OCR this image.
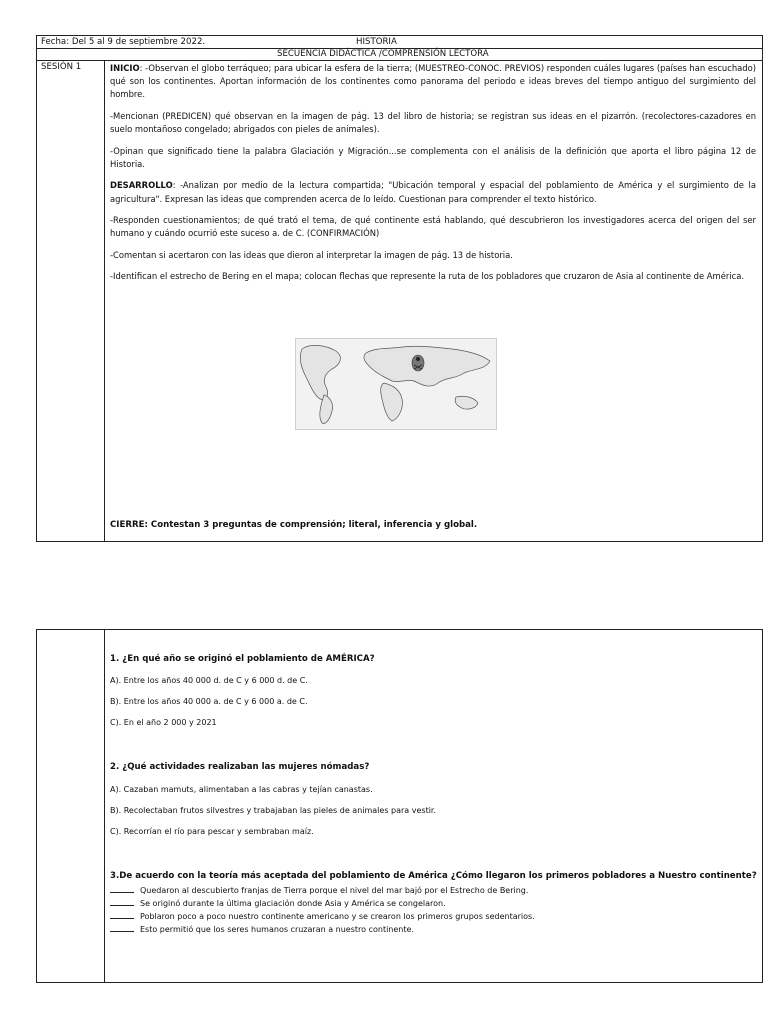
Fecha: Del 5 al 9 de septiembre 2022.	HISTORIA
SECUENCIA DIDÁCTICA /COMPRENSIÓN LECTORA
SESIÓN 1	INICIO: -Observan el globo terráqueo; para ubicar la esfera de la tierra; (MUESTREO-CONOC. PREVIOS) responden cuáles lugares (países han escuchado) qué son los continentes. Aportan información de los continentes como panorama del periodo e ideas breves del tiempo antiguo del surgimiento del hombre.

-Mencionan (PREDICEN) qué observan en la imagen de pág. 13 del libro de historia; se registran sus ideas en el pizarrón. (recolectores-cazadores en suelo montañoso congelado; abrigados con pieles de animales).

-Opinan que significado tiene la palabra Glaciación y Migración...se complementa con el análisis de la definición que aporta el libro página 12 de Historia.

DESARROLLO: -Analizan por medio de la lectura compartida; "Ubicación temporal y espacial del poblamiento de América y el surgimiento de la agricultura". Expresan las ideas que comprenden acerca de lo leído. Cuestionan para comprender el texto histórico.

-Responden cuestionamientos; de qué trató el tema, de qué continente está hablando, qué descubrieron los investigadores acerca del origen del ser humano y cuándo ocurrió este suceso a. de C. (CONFIRMACIÓN)

-Comentan si acertaron con las ideas que dieron al interpretar la imagen de pág. 13 de historia.

-Identifican el estrecho de Bering en el mapa; colocan flechas que represente la ruta de los pobladores que cruzaron de Asia al continente de América.

CIERRE: Contestan 3 preguntas de comprensión; literal, inferencia y global.
1. ¿En qué año se originó el poblamiento de AMÉRICA?
A). Entre los años 40 000 d. de C y 6 000 d. de C.
B). Entre los años 40 000 a. de C y 6 000 a. de C.
C). En el año 2 000 y 2021
2. ¿Qué actividades realizaban las mujeres nómadas?
A). Cazaban mamuts, alimentaban a las cabras y tejían canastas.
B). Recolectaban frutos silvestres y trabajaban las pieles de animales para vestir.
C). Recorrían el río para pescar y sembraban maíz.
3.De acuerdo con la teoría más aceptada del poblamiento de América ¿Cómo llegaron los primeros pobladores a Nuestro continente?
Quedaron al descubierto franjas de Tierra porque el nivel del mar bajó por el Estrecho de Bering.
Se originó durante la última glaciación donde Asia y América se congelaron.
Poblaron poco a poco nuestro continente americano y se crearon los primeros grupos sedentarios.
Esto permitió que los seres humanos cruzaran a nuestro continente.
